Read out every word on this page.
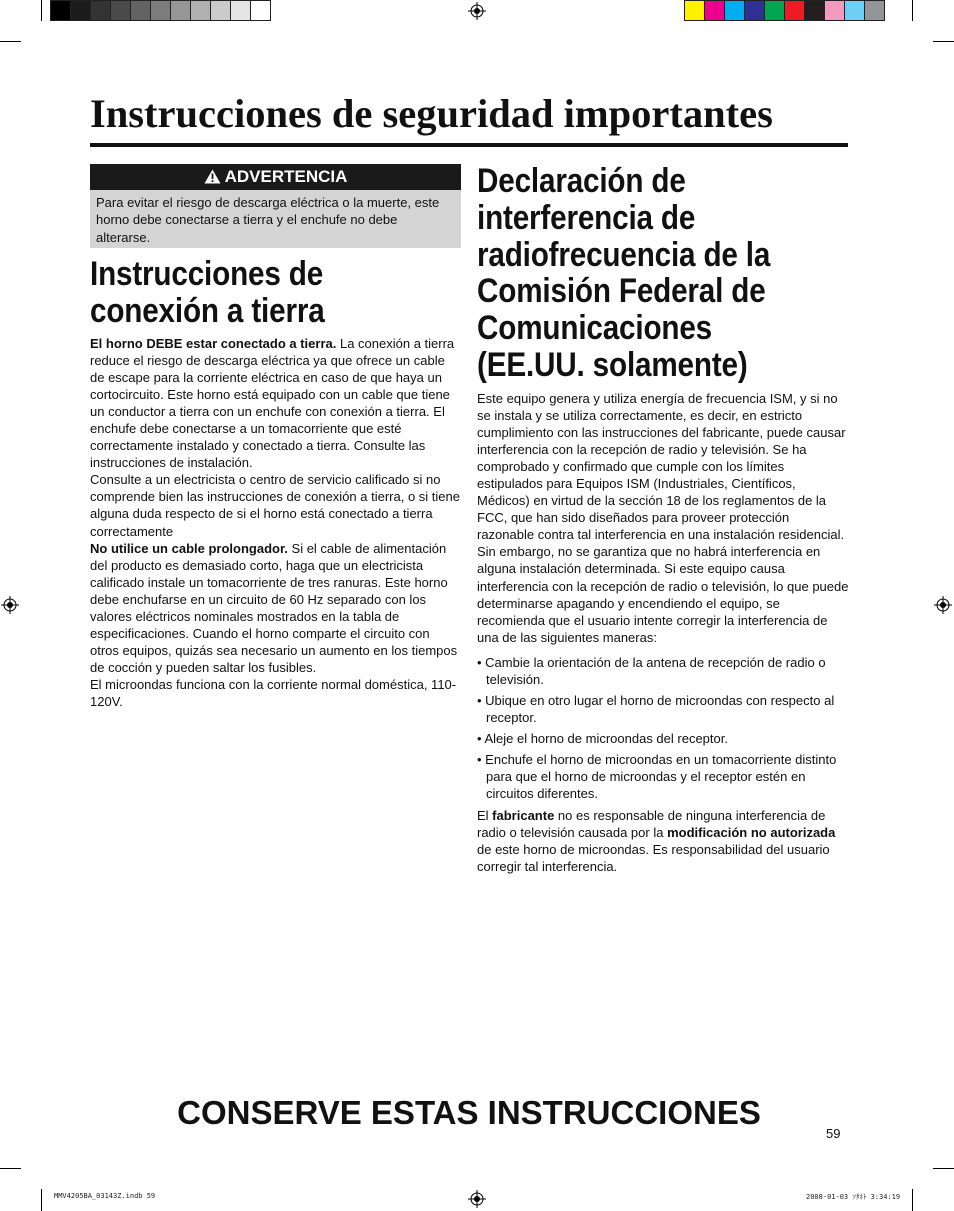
Instrucciones de seguridad importantes
ADVERTENCIA
Para evitar el riesgo de descarga eléctrica o la muerte, este horno debe conectarse a tierra y el enchufe no debe alterarse.
Instrucciones de
conexión a tierra

El horno DEBE estar conectado a tierra. La conexión a tierra reduce el riesgo de descarga eléctrica ya que ofrece un cable de escape para la corriente eléctrica en caso de que haya un cortocircuito. Este horno está equipado con un cable que tiene un conductor a tierra con un enchufe con conexión a tierra. El enchufe debe conectarse a un tomacorriente que esté correctamente instalado y conectado a tierra. Consulte las instrucciones de instalación.

Consulte a un electricista o centro de servicio calificado si no comprende bien las instrucciones de conexión a tierra, o si tiene alguna duda respecto de si el horno está conectado a tierra correctamente

No utilice un cable prolongador. Si el cable de alimentación del producto es demasiado corto, haga que un electricista calificado instale un tomacorriente de tres ranuras. Este horno debe enchufarse en un circuito de 60 Hz separado con los valores eléctricos nominales mostrados en la tabla de especificaciones. Cuando el horno comparte el circuito con otros equipos, quizás sea necesario un aumento en los tiempos de cocción y pueden saltar los fusibles.

El microondas funciona con la corriente normal doméstica, 110-120V.

Declaración de
interferencia de
radiofrecuencia de la
Comisión Federal de
Comunicaciones
(EE.UU. solamente)

Este equipo genera y utiliza energía de frecuencia ISM, y si no se instala y se utiliza correctamente, es decir, en estricto cumplimiento con las instrucciones del fabricante, puede causar interferencia con la recepción de radio y televisión. Se ha comprobado y confirmado que cumple con los límites estipulados para Equipos ISM (Industriales, Científicos, Médicos) en virtud de la sección 18 de los reglamentos de la FCC, que han sido diseñados para proveer protección razonable contra tal interferencia en una instalación residencial.

Sin embargo, no se garantiza que no habrá interferencia en alguna instalación determinada. Si este equipo causa interferencia con la recepción de radio o televisión, lo que puede determinarse apagando y encendiendo el equipo, se recomienda que el usuario intente corregir la interferencia de una de las siguientes maneras:

• Cambie la orientación de la antena de recepción de radio o televisión.
• Ubique en otro lugar el horno de microondas con respecto al receptor.
• Aleje el horno de microondas del receptor.
• Enchufe el horno de microondas en un tomacorriente distinto para que el horno de microondas y el receptor estén en circuitos diferentes.

El fabricante no es responsable de ninguna interferencia de radio o televisión causada por la modificación no autorizada de este horno de microondas. Es responsabilidad del usuario corregir tal interferencia.

CONSERVE ESTAS INSTRUCCIONES
59
MMV4205BA_03143Z.indb 59	2008-01-03 ｿﾀﾈﾄ 3:34:19
